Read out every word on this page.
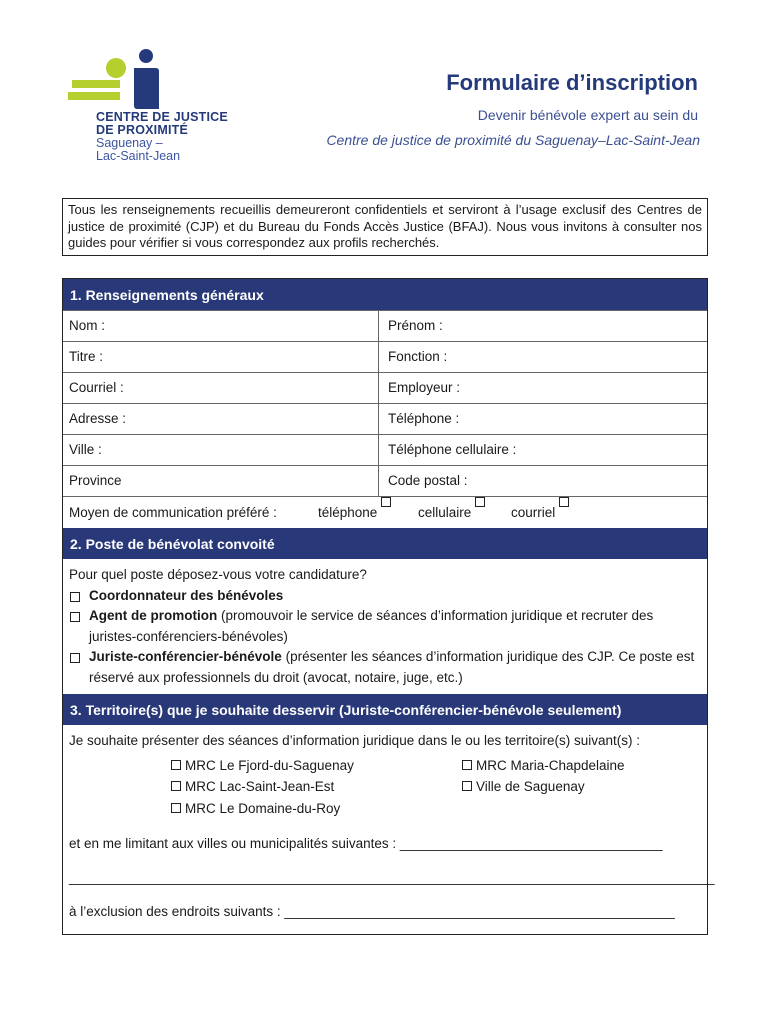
CENTRE DE JUSTICE
DE PROXIMITÉ
Saguenay –
Lac-Saint-Jean
Formulaire d’inscription
Devenir bénévole expert au sein du
Centre de justice de proximité du Saguenay–Lac-Saint-Jean
Tous les renseignements recueillis demeureront confidentiels et serviront à l’usage exclusif des Centres de justice de proximité (CJP) et du Bureau du Fonds Accès Justice (BFAJ). Nous vous invitons à consulter nos guides pour vérifier si vous correspondez aux profils recherchés.
1. Renseignements généraux
Nom :	Prénom :
Titre :	Fonction :
Courriel :	Employeur :
Adresse :	Téléphone :
Ville :	Téléphone cellulaire :
Province	Code postal :
Moyen de communication préféré :	téléphone	cellulaire	courriel
2. Poste de bénévolat convoité
Pour quel poste déposez-vous votre candidature?
Coordonnateur des bénévoles
Agent de promotion (promouvoir le service de séances d’information juridique et recruter des juristes-conférenciers-bénévoles)
Juriste-conférencier-bénévole (présenter les séances d’information juridique des CJP. Ce poste est réservé aux professionnels du droit (avocat, notaire, juge, etc.)
3. Territoire(s) que je souhaite desservir (Juriste-conférencier-bénévole seulement)
Je souhaite présenter des séances d’information juridique dans le ou les territoire(s) suivant(s) :
MRC Le Fjord-du-Saguenay
MRC Lac-Saint-Jean-Est
MRC Le Domaine-du-Roy
MRC Maria-Chapdelaine
Ville de Saguenay
et en me limitant aux villes ou municipalités suivantes : ___________________________________
______________________________________________________________________________________
à l’exclusion des endroits suivants : ____________________________________________________
